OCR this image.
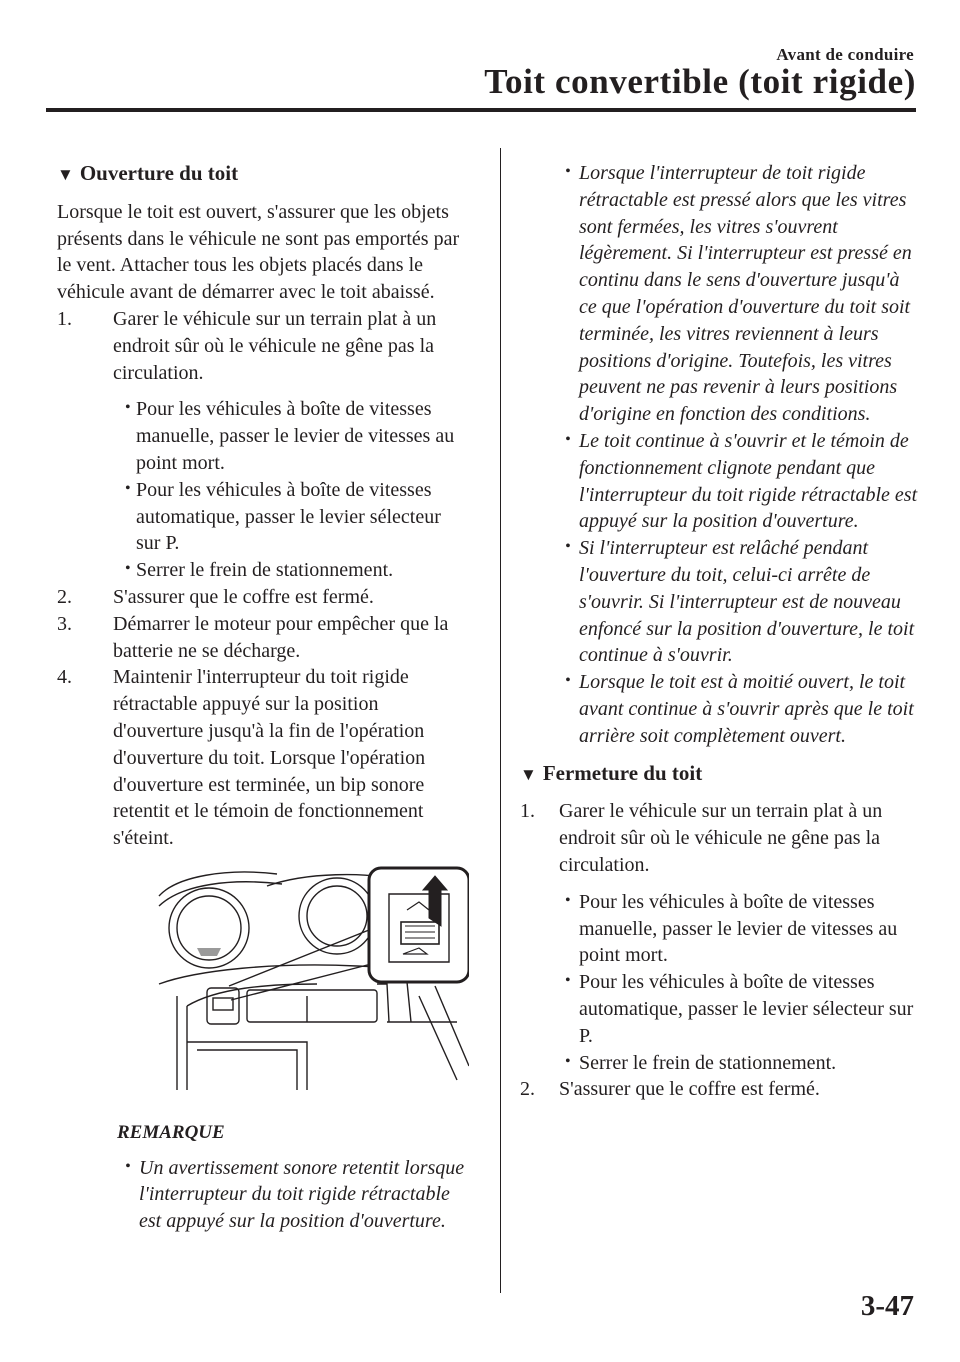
Avant de conduire
Toit convertible (toit rigide)
▼ Ouverture du toit
Lorsque le toit est ouvert, s'assurer que les objets présents dans le véhicule ne sont pas emportés par le vent. Attacher tous les objets placés dans le véhicule avant de démarrer avec le toit abaissé.
1. Garer le véhicule sur un terrain plat à un endroit sûr où le véhicule ne gêne pas la circulation.
• Pour les véhicules à boîte de vitesses manuelle, passer le levier de vitesses au point mort.
• Pour les véhicules à boîte de vitesses automatique, passer le levier sélecteur sur P.
• Serrer le frein de stationnement.
2. S'assurer que le coffre est fermé.
3. Démarrer le moteur pour empêcher que la batterie ne se décharge.
4. Maintenir l'interrupteur du toit rigide rétractable appuyé sur la position d'ouverture jusqu'à la fin de l'opération d'ouverture du toit. Lorsque l'opération d'ouverture est terminée, un bip sonore retentit et le témoin de fonctionnement s'éteint.
REMARQUE
• Un avertissement sonore retentit lorsque l'interrupteur du toit rigide rétractable est appuyé sur la position d'ouverture.
• Lorsque l'interrupteur de toit rigide rétractable est pressé alors que les vitres sont fermées, les vitres s'ouvrent légèrement. Si l'interrupteur est pressé en continu dans le sens d'ouverture jusqu'à ce que l'opération d'ouverture du toit soit terminée, les vitres reviennent à leurs positions d'origine. Toutefois, les vitres peuvent ne pas revenir à leurs positions d'origine en fonction des conditions.
• Le toit continue à s'ouvrir et le témoin de fonctionnement clignote pendant que l'interrupteur du toit rigide rétractable est appuyé sur la position d'ouverture.
• Si l'interrupteur est relâché pendant l'ouverture du toit, celui-ci arrête de s'ouvrir. Si l'interrupteur est de nouveau enfoncé sur la position d'ouverture, le toit continue à s'ouvrir.
• Lorsque le toit est à moitié ouvert, le toit avant continue à s'ouvrir après que le toit arrière soit complètement ouvert.
▼ Fermeture du toit
1. Garer le véhicule sur un terrain plat à un endroit sûr où le véhicule ne gêne pas la circulation.
• Pour les véhicules à boîte de vitesses manuelle, passer le levier de vitesses au point mort.
• Pour les véhicules à boîte de vitesses automatique, passer le levier sélecteur sur P.
• Serrer le frein de stationnement.
2. S'assurer que le coffre est fermé.
3-47
